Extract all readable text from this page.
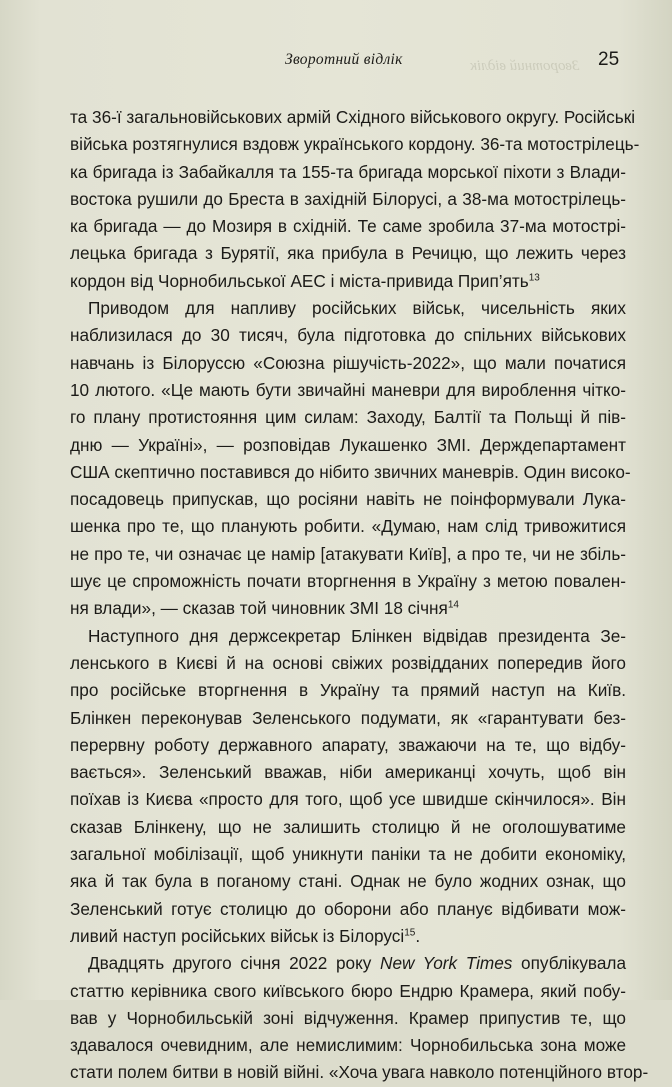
Зворотний відлік
Зворотний відлік	25
та 36-ї загальновійськових армій Східного військового округу. Російські
війська розтягнулися вздовж українського кордону. 36-та мотострілець-
ка бригада із Забайкалля та 155-та бригада морської піхоти з Влади-
востока рушили до Бреста в західній Білорусі, а 38-ма мотострілець-
ка бригада — до Мозиря в східній. Те саме зробила 37-ма мотострі-
лецька бригада з Бурятії, яка прибула в Речицю, що лежить через
кордон від Чорнобильської АЕС і міста-привида Прип’ять$^{13}$
Приводом для напливу російських військ, чисельність яких
наблизилася до 30 тисяч, була підготовка до спільних військових
навчань із Білоруссю «Союзна рішучість-2022», що мали початися
10 лютого. «Це мають бути звичайні маневри для вироблення чітко-
го плану протистояння цим силам: Заходу, Балтії та Польщі й пів-
дню — Україні», — розповідав Лукашенко ЗМІ. Держдепартамент
США скептично поставився до нібито звичних маневрів. Один високо-
посадовець припускав, що росіяни навіть не поінформували Лука-
шенка про те, що планують робити. «Думаю, нам слід тривожитися
не про те, чи означає це намір [атакувати Київ], а про те, чи не збіль-
шує це спроможність почати вторгнення в Україну з метою повален-
ня влади», — сказав той чиновник ЗМІ 18 січня$^{14}$
Наступного дня держсекретар Блінкен відвідав президента Зе-
ленського в Києві й на основі свіжих розвідданих попередив його
про російське вторгнення в Україну та прямий наступ на Київ.
Блінкен переконував Зеленського подумати, як «гарантувати без-
перервну роботу державного апарату, зважаючи на те, що відбу-
вається». Зеленський вважав, ніби американці хочуть, щоб він
поїхав із Києва «просто для того, щоб усе швидше скінчилося». Він
сказав Блінкену, що не залишить столицю й не оголошуватиме
загальної мобілізації, щоб уникнути паніки та не добити економіку,
яка й так була в поганому стані. Однак не було жодних ознак, що
Зеленський готує столицю до оборони або планує відбивати мож-
ливий наступ російських військ із Білорусі$^{15}$.
Двадцять другого січня 2022 року New York Times опублікувала
статтю керівника свого київського бюро Ендрю Крамера, який побу-
вав у Чорнобильській зоні відчуження. Крамер припустив те, що
здавалося очевидним, але немислимим: Чорнобильська зона може
стати полем битви в новій війні. «Хоча увага навколо потенційного втор-
